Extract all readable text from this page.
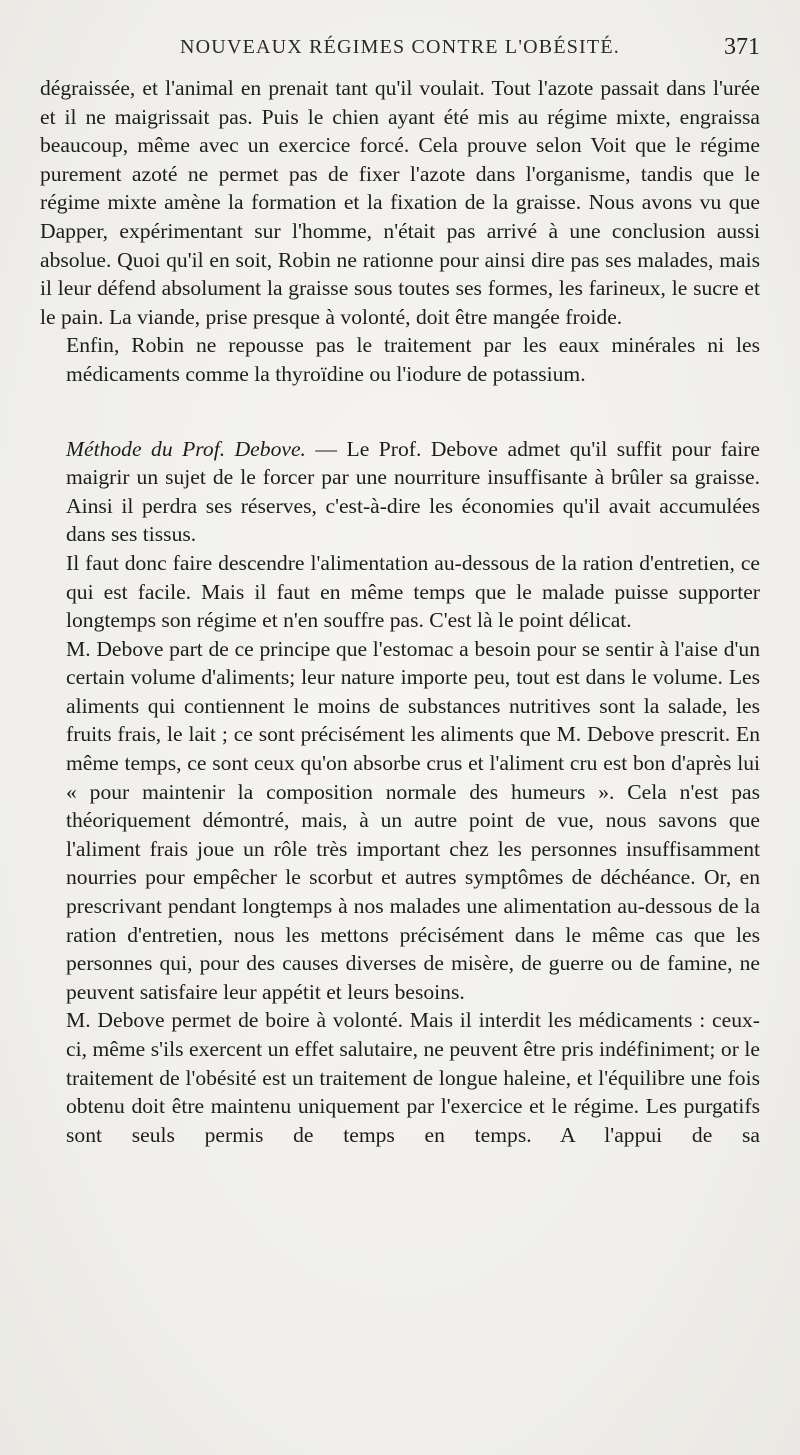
NOUVEAUX RÉGIMES CONTRE L'OBÉSITÉ.	371

dégraissée, et l'animal en prenait tant qu'il voulait. Tout l'azote passait dans l'urée et il ne maigrissait pas. Puis le chien ayant été mis au régime mixte, engraissa beaucoup, même avec un exercice forcé. Cela prouve selon Voit que le régime purement azoté ne permet pas de fixer l'azote dans l'organisme, tandis que le régime mixte amène la formation et la fixation de la graisse. Nous avons vu que Dapper, expérimentant sur l'homme, n'était pas arrivé à une conclusion aussi absolue. Quoi qu'il en soit, Robin ne rationne pour ainsi dire pas ses malades, mais il leur défend absolument la graisse sous toutes ses formes, les farineux, le sucre et le pain. La viande, prise presque à volonté, doit être mangée froide.

Enfin, Robin ne repousse pas le traitement par les eaux minérales ni les médicaments comme la thyroïdine ou l'iodure de potassium.

Méthode du Prof. Debove. — Le Prof. Debove admet qu'il suffit pour faire maigrir un sujet de le forcer par une nourriture insuffisante à brûler sa graisse. Ainsi il perdra ses réserves, c'est-à-dire les économies qu'il avait accumulées dans ses tissus.

Il faut donc faire descendre l'alimentation au-dessous de la ration d'entretien, ce qui est facile. Mais il faut en même temps que le malade puisse supporter longtemps son régime et n'en souffre pas. C'est là le point délicat.

M. Debove part de ce principe que l'estomac a besoin pour se sentir à l'aise d'un certain volume d'aliments; leur nature importe peu, tout est dans le volume. Les aliments qui contiennent le moins de substances nutritives sont la salade, les fruits frais, le lait ; ce sont précisément les aliments que M. Debove prescrit. En même temps, ce sont ceux qu'on absorbe crus et l'aliment cru est bon d'après lui « pour maintenir la composition normale des humeurs ». Cela n'est pas théoriquement démontré, mais, à un autre point de vue, nous savons que l'aliment frais joue un rôle très important chez les personnes insuffisamment nourries pour empêcher le scorbut et autres symptômes de déchéance. Or, en prescrivant pendant longtemps à nos malades une alimentation au-dessous de la ration d'entretien, nous les mettons précisément dans le même cas que les personnes qui, pour des causes diverses de misère, de guerre ou de famine, ne peuvent satisfaire leur appétit et leurs besoins.

M. Debove permet de boire à volonté. Mais il interdit les médicaments : ceux-ci, même s'ils exercent un effet salutaire, ne peuvent être pris indéfiniment; or le traitement de l'obésité est un traitement de longue haleine, et l'équilibre une fois obtenu doit être maintenu uniquement par l'exercice et le régime. Les purgatifs sont seuls permis de temps en temps. A l'appui de sa
